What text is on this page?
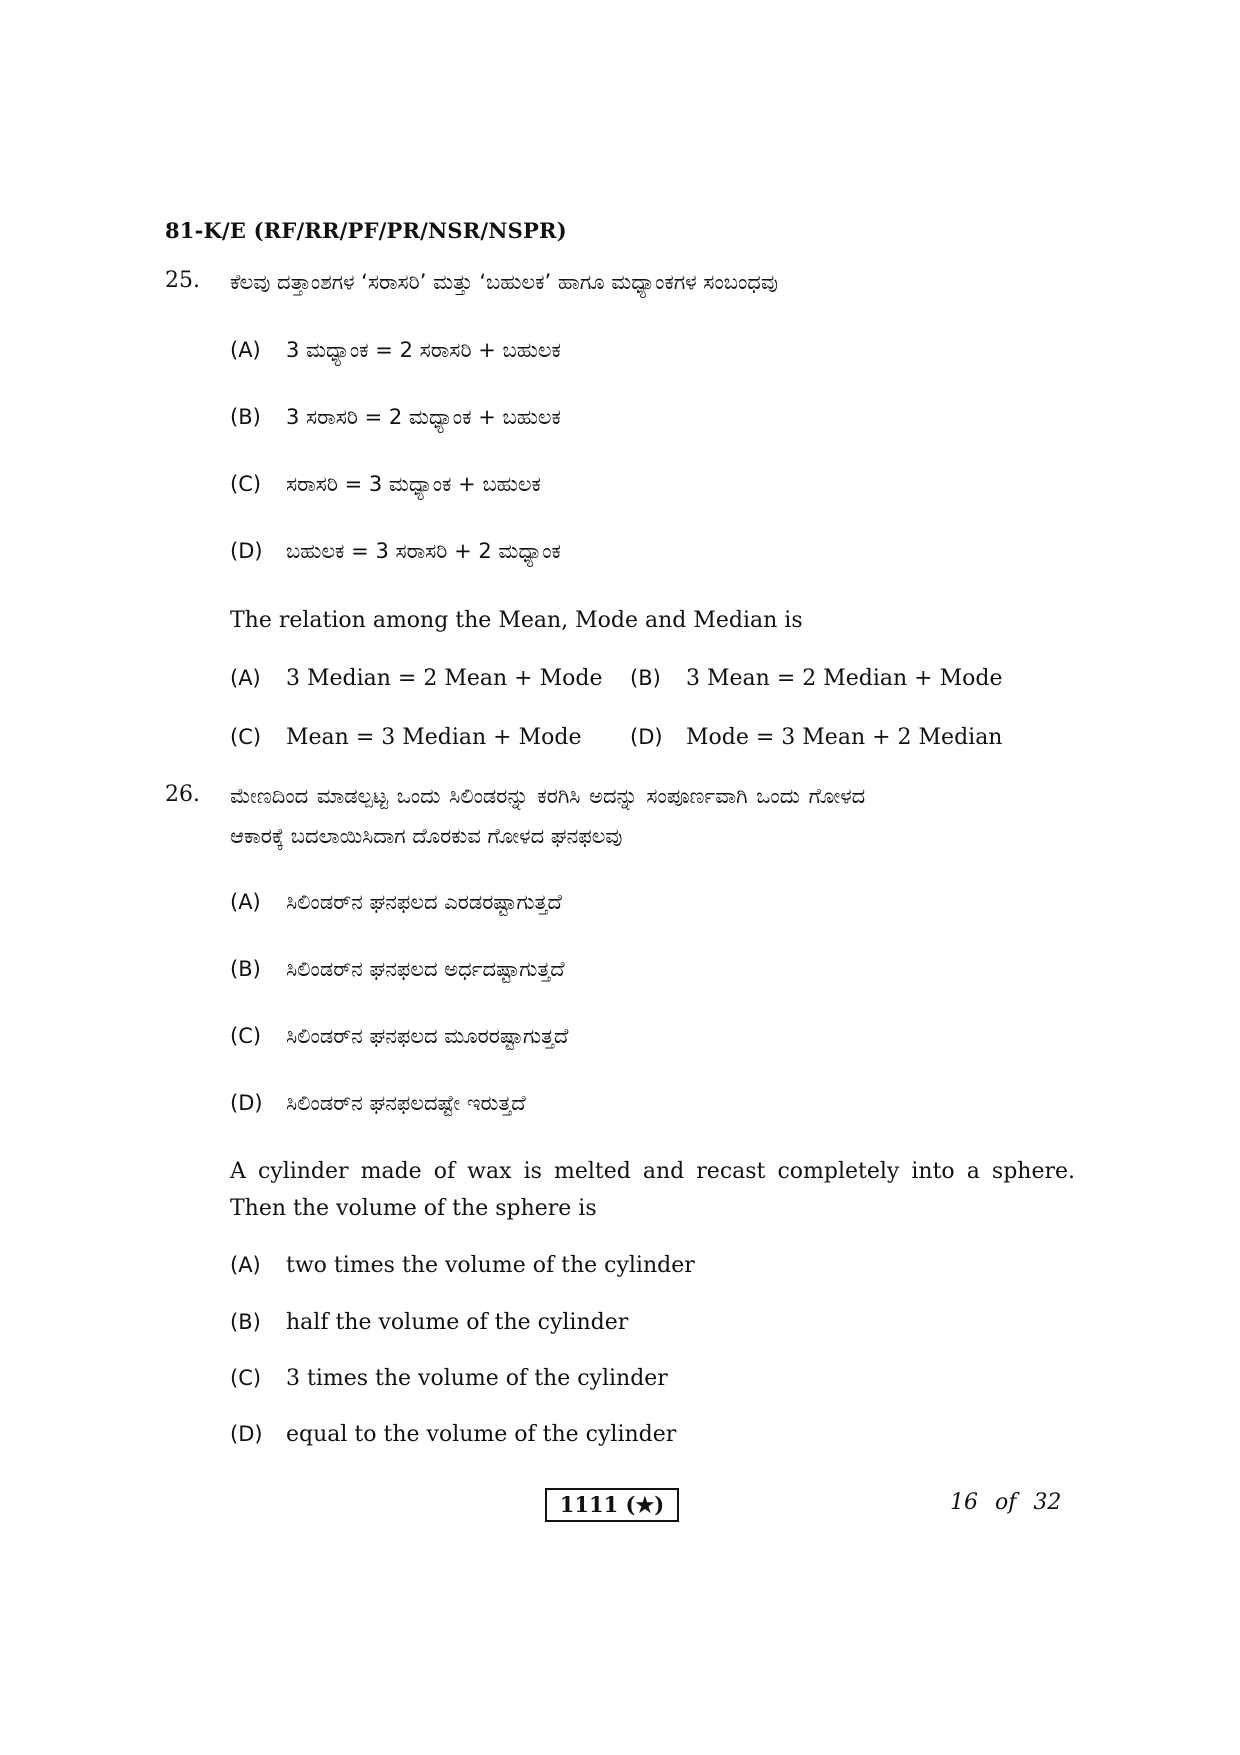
81-K/E (RF/RR/PF/PR/NSR/NSPR)
25. ಕೆಲವು ದತ್ತಾಂಶಗಳ ‘ಸರಾಸರಿ’ ಮತ್ತು ‘ಬಹುಲಕ’ ಹಾಗೂ ಮಧ್ಯಾಂಕಗಳ ಸಂಬಂಧವು
(A) 3 ಮಧ್ಯಾಂಕ = 2 ಸರಾಸರಿ + ಬಹುಲಕ
(B) 3 ಸರಾಸರಿ = 2 ಮಧ್ಯಾಂಕ + ಬಹುಲಕ
(C) ಸರಾಸರಿ = 3 ಮಧ್ಯಾಂಕ + ಬಹುಲಕ
(D) ಬಹುಲಕ = 3 ಸರಾಸರಿ + 2 ಮಧ್ಯಾಂಕ
The relation among the Mean, Mode and Median is
(A) 3 Median = 2 Mean + Mode (B) 3 Mean = 2 Median + Mode
(C) Mean = 3 Median + Mode (D) Mode = 3 Mean + 2 Median
26. ಮೇಣದಿಂದ ಮಾಡಲ್ಪಟ್ಟ ಒಂದು ಸಿಲಿಂಡರನ್ನು ಕರಗಿಸಿ ಅದನ್ನು ಸಂಪೂರ್ಣವಾಗಿ ಒಂದು ಗೋಳದ
ಆಕಾರಕ್ಕೆ ಬದಲಾಯಿಸಿದಾಗ ದೊರಕುವ ಗೋಳದ ಘನಫಲವು
(A) ಸಿಲಿಂಡರ್‌ನ ಘನಫಲದ ಎರಡರಷ್ಟಾಗುತ್ತದೆ
(B) ಸಿಲಿಂಡರ್‌ನ ಘನಫಲದ ಅರ್ಧದಷ್ಟಾಗುತ್ತದೆ
(C) ಸಿಲಿಂಡರ್‌ನ ಘನಫಲದ ಮೂರರಷ್ಟಾಗುತ್ತದೆ
(D) ಸಿಲಿಂಡರ್‌ನ ಘನಫಲದಷ್ಟೇ ಇರುತ್ತದೆ
A cylinder made of wax is melted and recast completely into a sphere. Then the volume of the sphere is
(A) two times the volume of the cylinder
(B) half the volume of the cylinder
(C) 3 times the volume of the cylinder
(D) equal to the volume of the cylinder
1111 (★)	16 of 32
